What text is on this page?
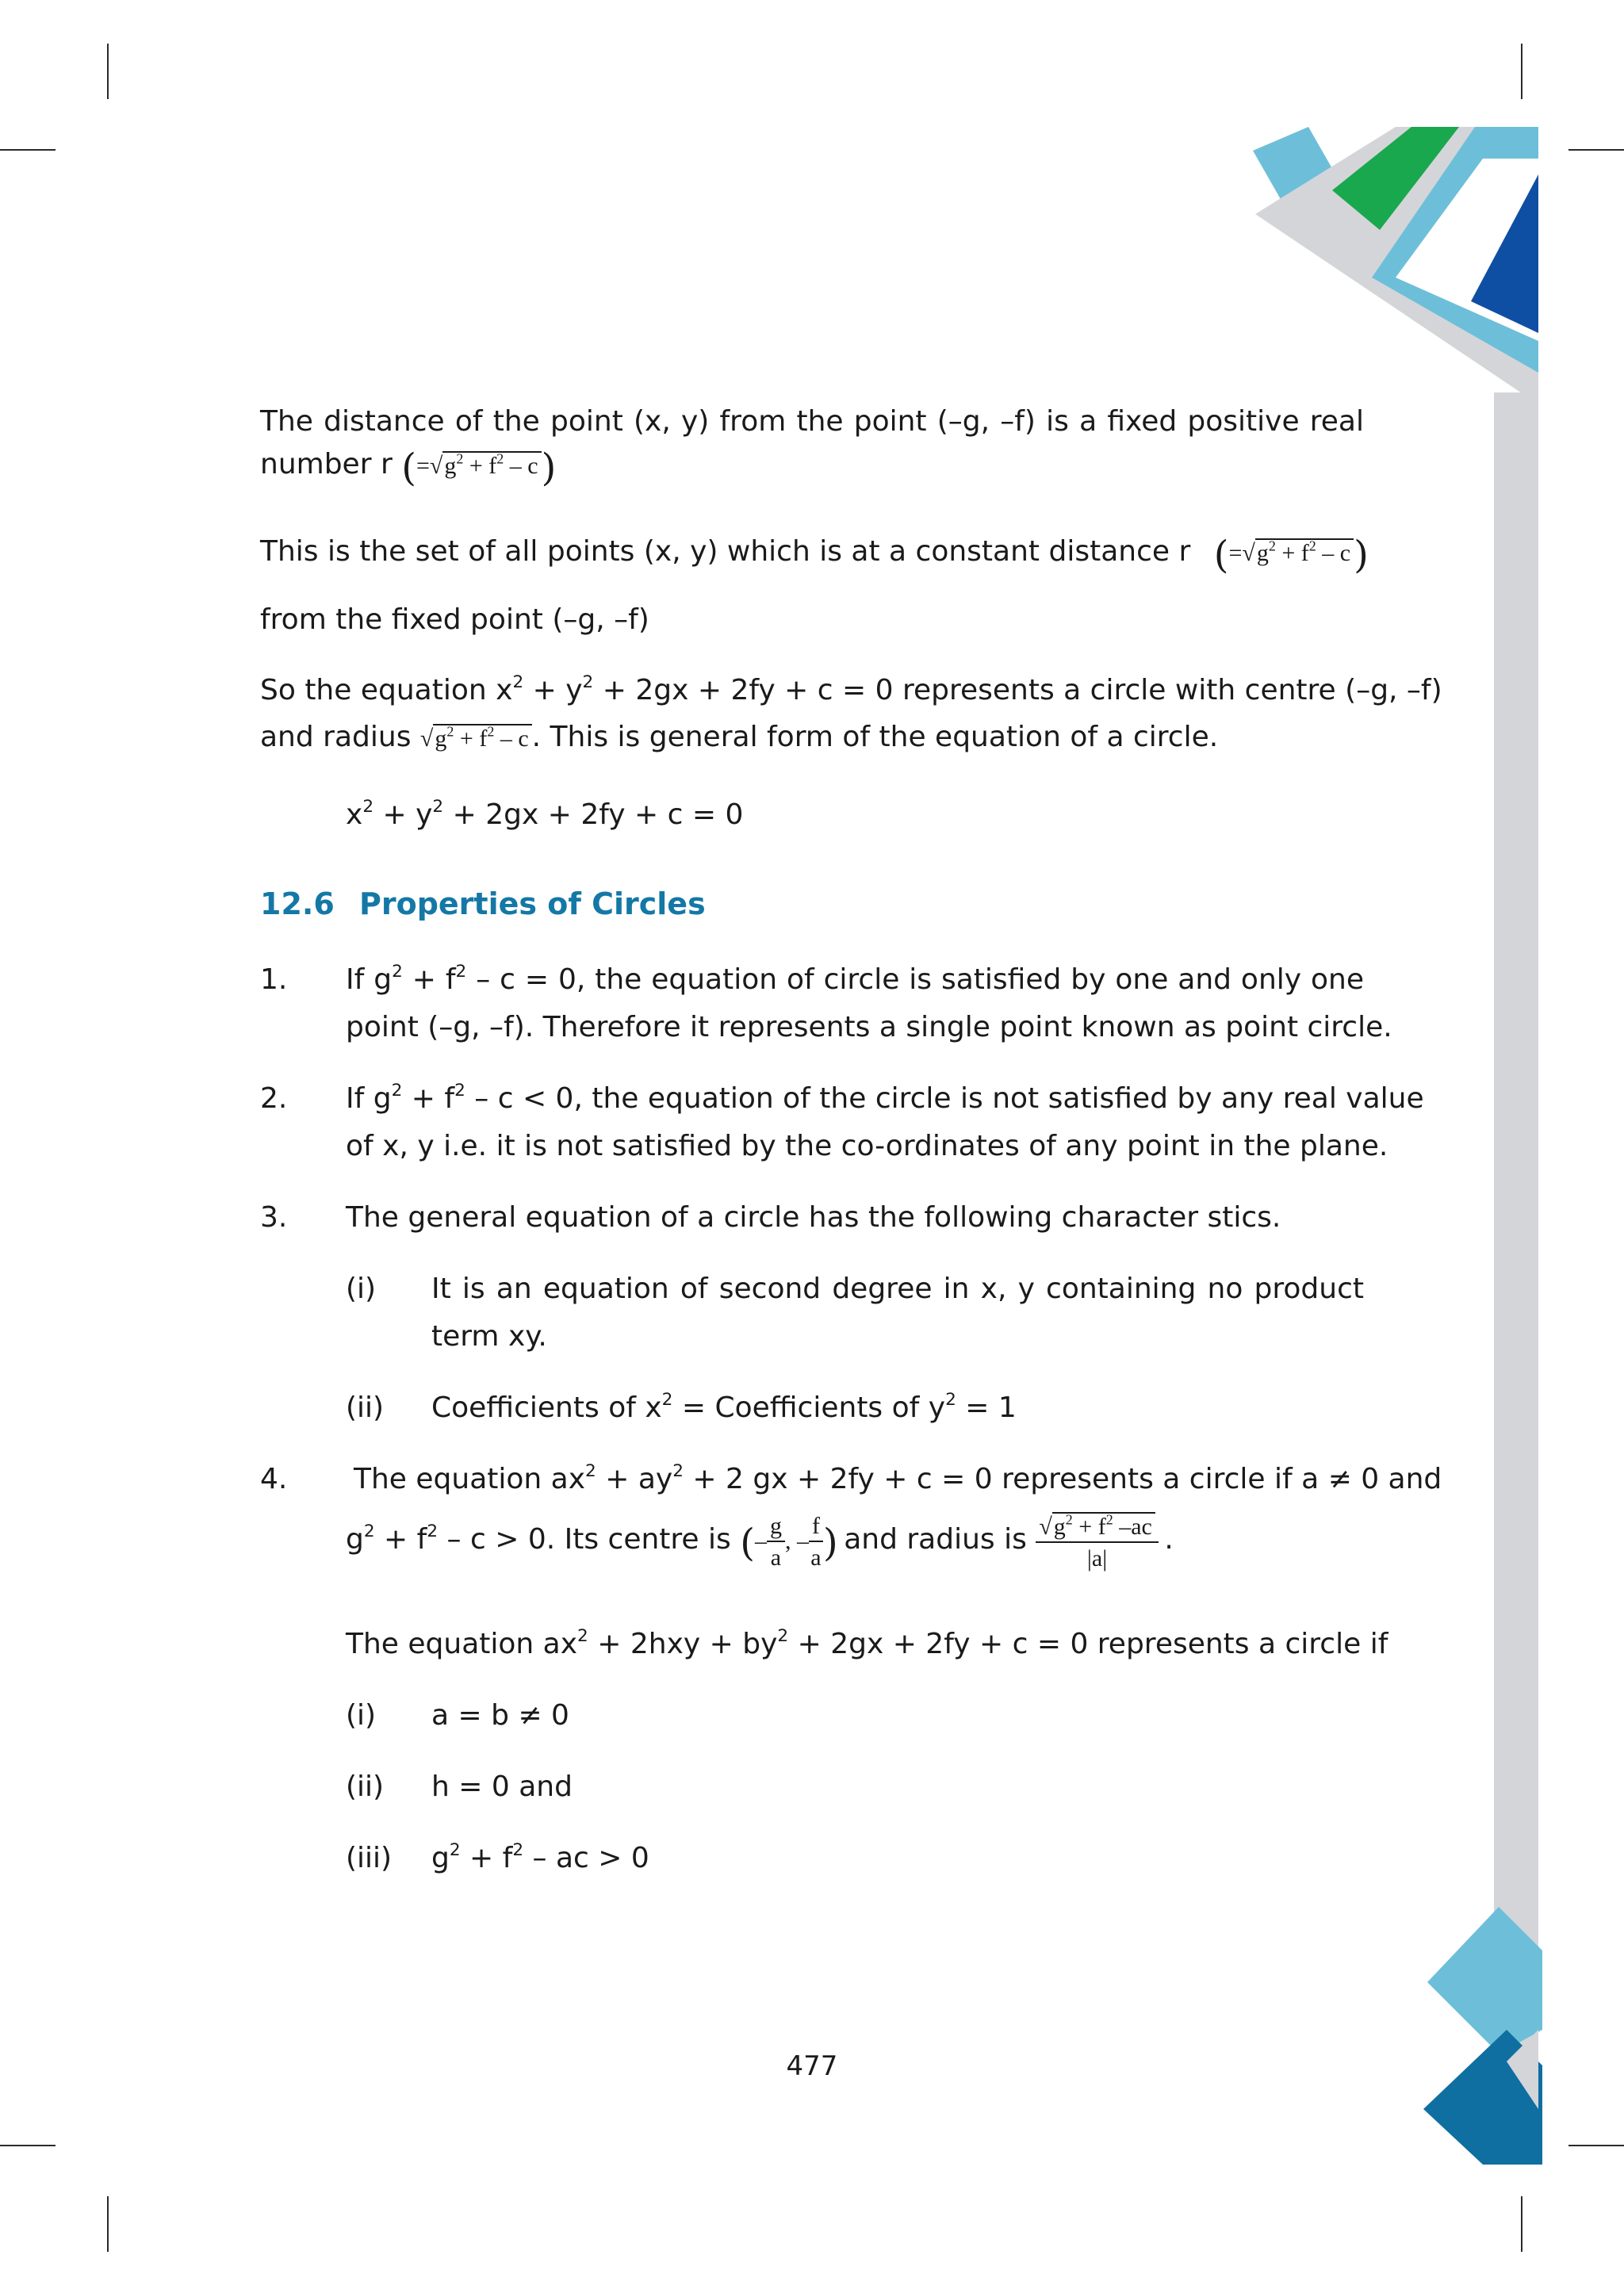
The distance of the point (x, y) from the point (–g, –f) is a fixed positive real
number r $(=√g^2 + f^2 - c)$
This is the set of all points (x, y) which is at a constant distance r $(=√g^2 + f^2 - c)$
from the fixed point (–g, –f)
So the equation $x^2 + y^2 + 2gx + 2fy + c = 0$ represents a circle with centre (–g, –f)
and radius $√g^2 + f^2 - c$ . This is general form of the equation of a circle.
$x^2 + y^2 + 2gx + 2fy + c = 0$
12.6 Properties of Circles
1. If $g^2 + f^2 - c = 0$, the equation of circle is satisfied by one and only one
point (–g, –f). Therefore it represents a single point known as point circle.
2. If $g^2 + f^2 - c < 0$, the equation of the circle is not satisfied by any real value
of x, y i.e. it is not satisfied by the co-ordinates of any point in the plane.
3. The general equation of a circle has the following character stics.
(i) It is an equation of second degree in x, y containing no product
term xy.
(ii) Coefficients of $x^2$ = Coefficients of $y^2 = 1$
4. The equation $ax^2 + ay^2 + 2$ gx + 2fy + c = 0 represents a circle if a ≠ 0 and
$g^2 + f^2 - c > 0$. Its centre is (– $\frac{g}{a}$ , – $\frac{f}{a}$ ) and radius is $\frac{√g^2 + f^2 -ac}{|a|}$ .
The equation $ax^2 + 2hxy + by^2 + 2gx + 2fy + c = 0$ represents a circle if
(i) a = b ≠ 0
(ii) h = 0 and
(iii) $g^2 + f^2$ – ac > 0
477
